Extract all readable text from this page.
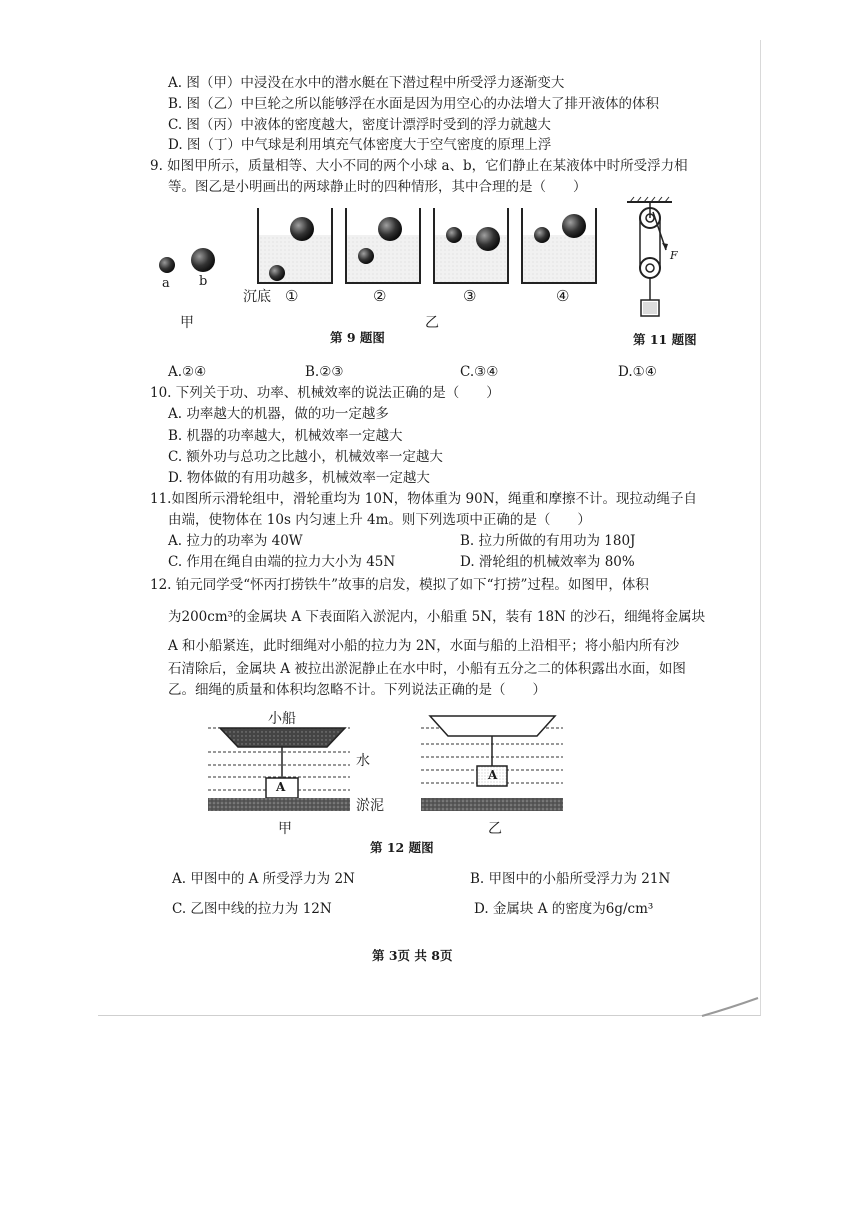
A. 图（甲）中浸没在水中的潜水艇在下潜过程中所受浮力逐渐变大
B. 图（乙）中巨轮之所以能够浮在水面是因为用空心的办法增大了排开液体的体积
C. 图（丙）中液体的密度越大，密度计漂浮时受到的浮力就越大
D. 图（丁）中气球是利用填充气体密度大于空气密度的原理上浮
9. 如图甲所示，质量相等、大小不同的两个小球 a、b，它们静止在某液体中时所受浮力相
等。图乙是小明画出的两球静止时的四种情形，其中合理的是（　　）
a b
甲
沉底 ①	②	③	④
乙
第 9 题图
F
第 11 题图
A.②④	B.②③	C.③④	D.①④
10. 下列关于功、功率、机械效率的说法正确的是（　　）
A. 功率越大的机器，做的功一定越多
B. 机器的功率越大，机械效率一定越大
C. 额外功与总功之比越小，机械效率一定越大
D. 物体做的有用功越多，机械效率一定越大
11.如图所示滑轮组中，滑轮重均为 10N，物体重为 90N，绳重和摩擦不计。现拉动绳子自
由端，使物体在 10s 内匀速上升 4m。则下列选项中正确的是（　　）
A. 拉力的功率为 40W	B. 拉力所做的有用功为 180J
C. 作用在绳自由端的拉力大小为 45N	D. 滑轮组的机械效率为 80%
12. 铂元同学受“怀丙打捞铁牛”故事的启发，模拟了如下“打捞”过程。如图甲，体积
为200cm³的金属块 A 下表面陷入淤泥内，小船重 5N，装有 18N 的沙石，细绳将金属块
A 和小船紧连，此时细绳对小船的拉力为 2N，水面与船的上沿相平；将小船内所有沙
石清除后，金属块 A 被拉出淤泥静止在水中时，小船有五分之二的体积露出水面，如图
乙。细绳的质量和体积均忽略不计。下列说法正确的是（　　）
小船
水
A
淤泥
甲
A
乙
第 12 题图
A. 甲图中的 A 所受浮力为 2N	B. 甲图中的小船所受浮力为 21N
C. 乙图中线的拉力为 12N	D. 金属块 A 的密度为6g/cm³
第 3页 共 8页
